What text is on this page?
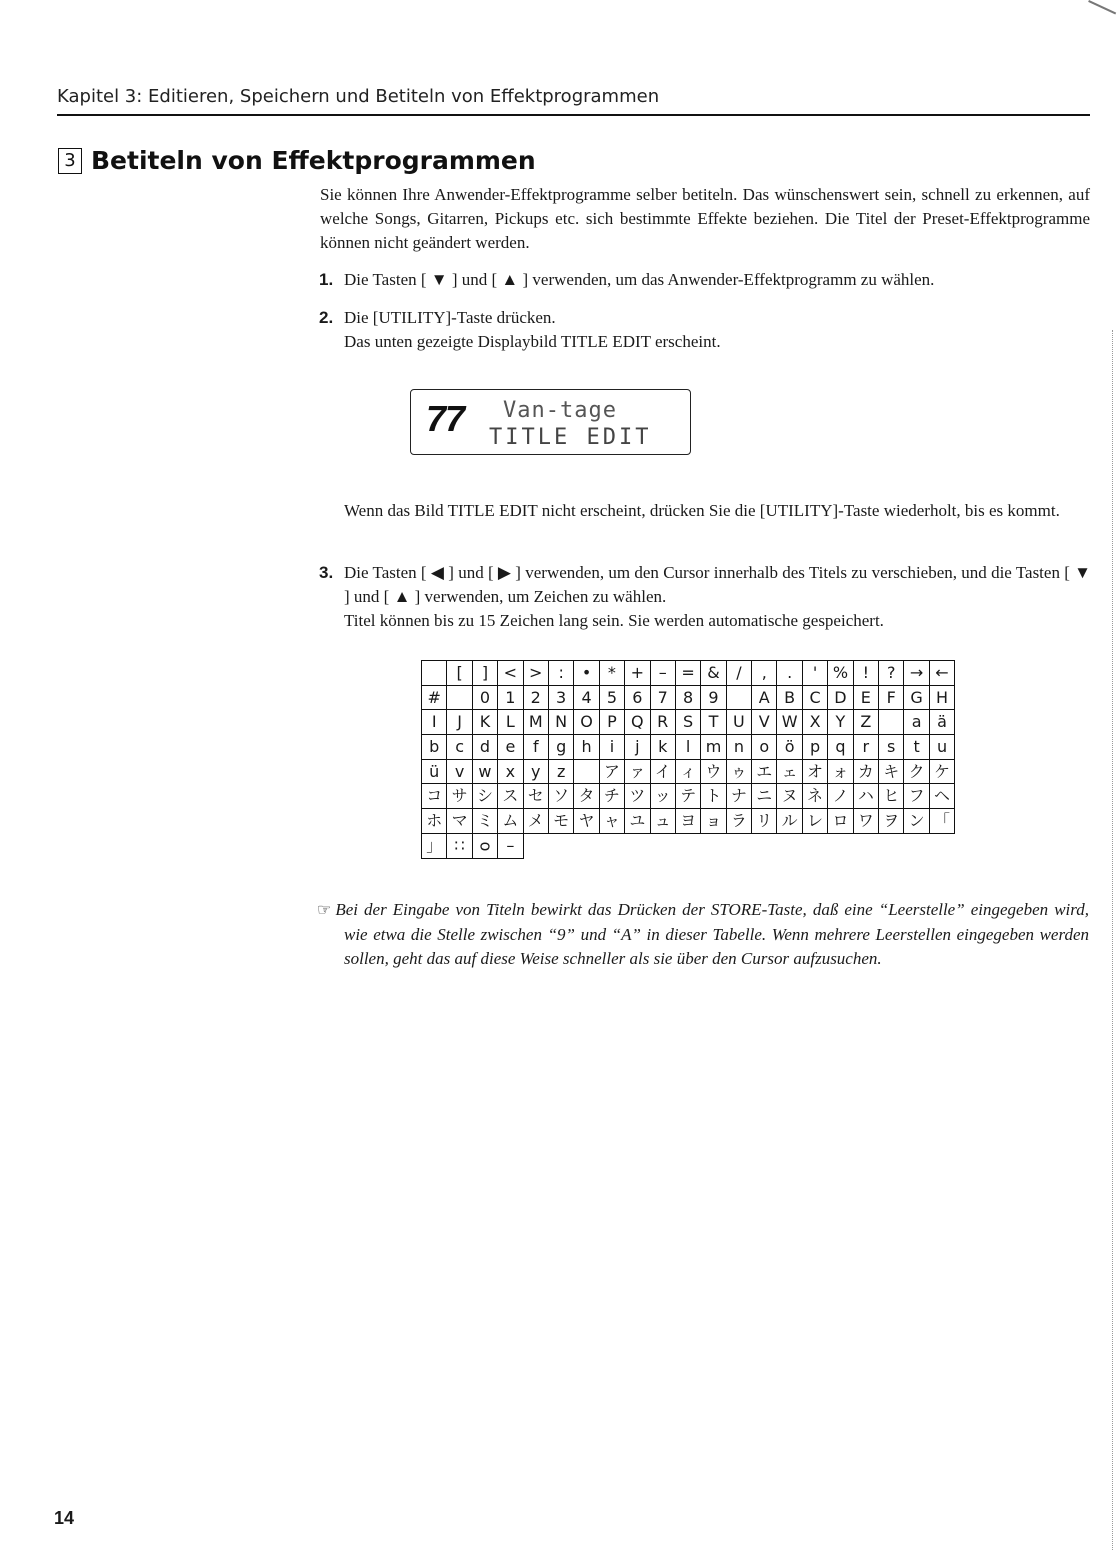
Kapitel 3: Editieren, Speichern und Betiteln von Effektprogrammen
3 Betiteln von Effektprogrammen
Sie können Ihre Anwender-Effektprogramme selber betiteln. Das wünschenswert sein, schnell zu erkennen, auf welche Songs, Gitarren, Pickups etc. sich bestimmte Effekte beziehen. Die Titel der Preset-Effektprogramme können nicht geändert werden.
1. Die Tasten [ ▼ ] und [ ▲ ] verwenden, um das Anwender-Effektprogramm zu wählen.
2. Die [UTILITY]-Taste drücken.
Das unten gezeigte Displaybild TITLE EDIT erscheint.
77 Van-tage
TITLE EDIT
Wenn das Bild TITLE EDIT nicht erscheint, drücken Sie die [UTILITY]-Taste wiederholt, bis es kommt.
3. Die Tasten [ ◀ ] und [ ▶ ] verwenden, um den Cursor innerhalb des Titels zu verschieben, und die Tasten [ ▼ ] und [ ▲ ] verwenden, um Zeichen zu wählen.
Titel können bis zu 15 Zeichen lang sein. Sie werden automatische gespeichert.
	[	]	<	>	:	•	*	+	–	=	&	/	,	.	'	%	!	?	→	←
#		0	1	2	3	4	5	6	7	8	9		A	B	C	D	E	F	G	H
I	J	K	L	M	N	O	P	Q	R	S	T	U	V	W	X	Y	Z		a	ä
b	c	d	e	f	g	h	i	j	k	l	m	n	o	ö	p	q	r	s	t	u
ü	v	w	x	y	z		ア	ァ	イ	ィ	ウ	ゥ	エ	ェ	オ	ォ	カ	キ	ク	ケ
コ	サ	シ	ス	セ	ソ	タ	チ	ツ	ッ	テ	ト	ナ	ニ	ヌ	ネ	ノ	ハ	ヒ	フ	ヘ
ホ	マ	ミ	ム	メ	モ	ヤ	ャ	ユ	ュ	ヨ	ョ	ラ	リ	ル	レ	ロ	ワ	ヲ	ン	「
」	∷	ᴑ	–																	
☞ Bei der Eingabe von Titeln bewirkt das Drücken der STORE-Taste, daß eine “Leerstelle” eingegeben wird, wie etwa die Stelle zwischen “9” und “A” in dieser Tabelle. Wenn mehrere Leerstellen eingegeben werden sollen, geht das auf diese Weise schneller als sie über den Cursor aufzusuchen.
14
